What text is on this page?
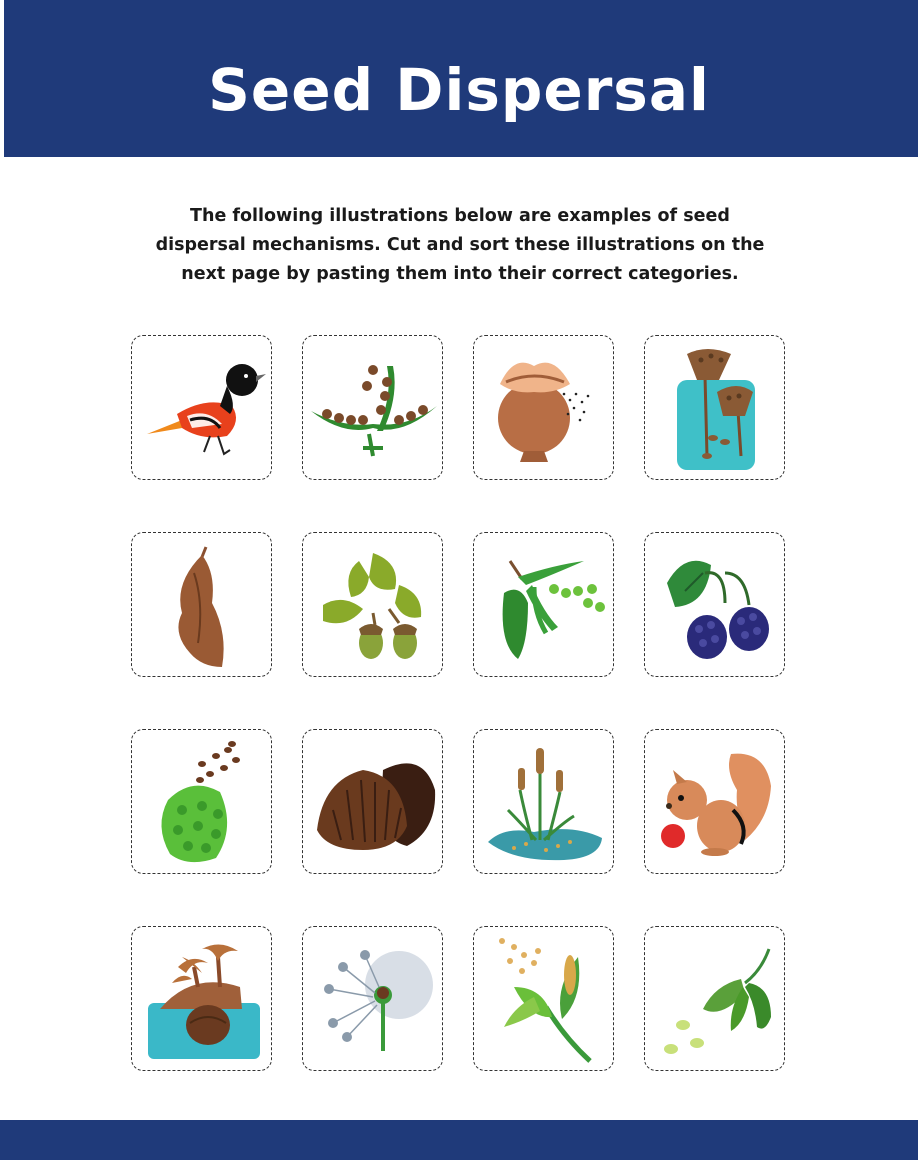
Seed Dispersal
The following illustrations below are examples of seed dispersal mechanisms. Cut and sort these illustrations on the next page by pasting them into their correct categories.
